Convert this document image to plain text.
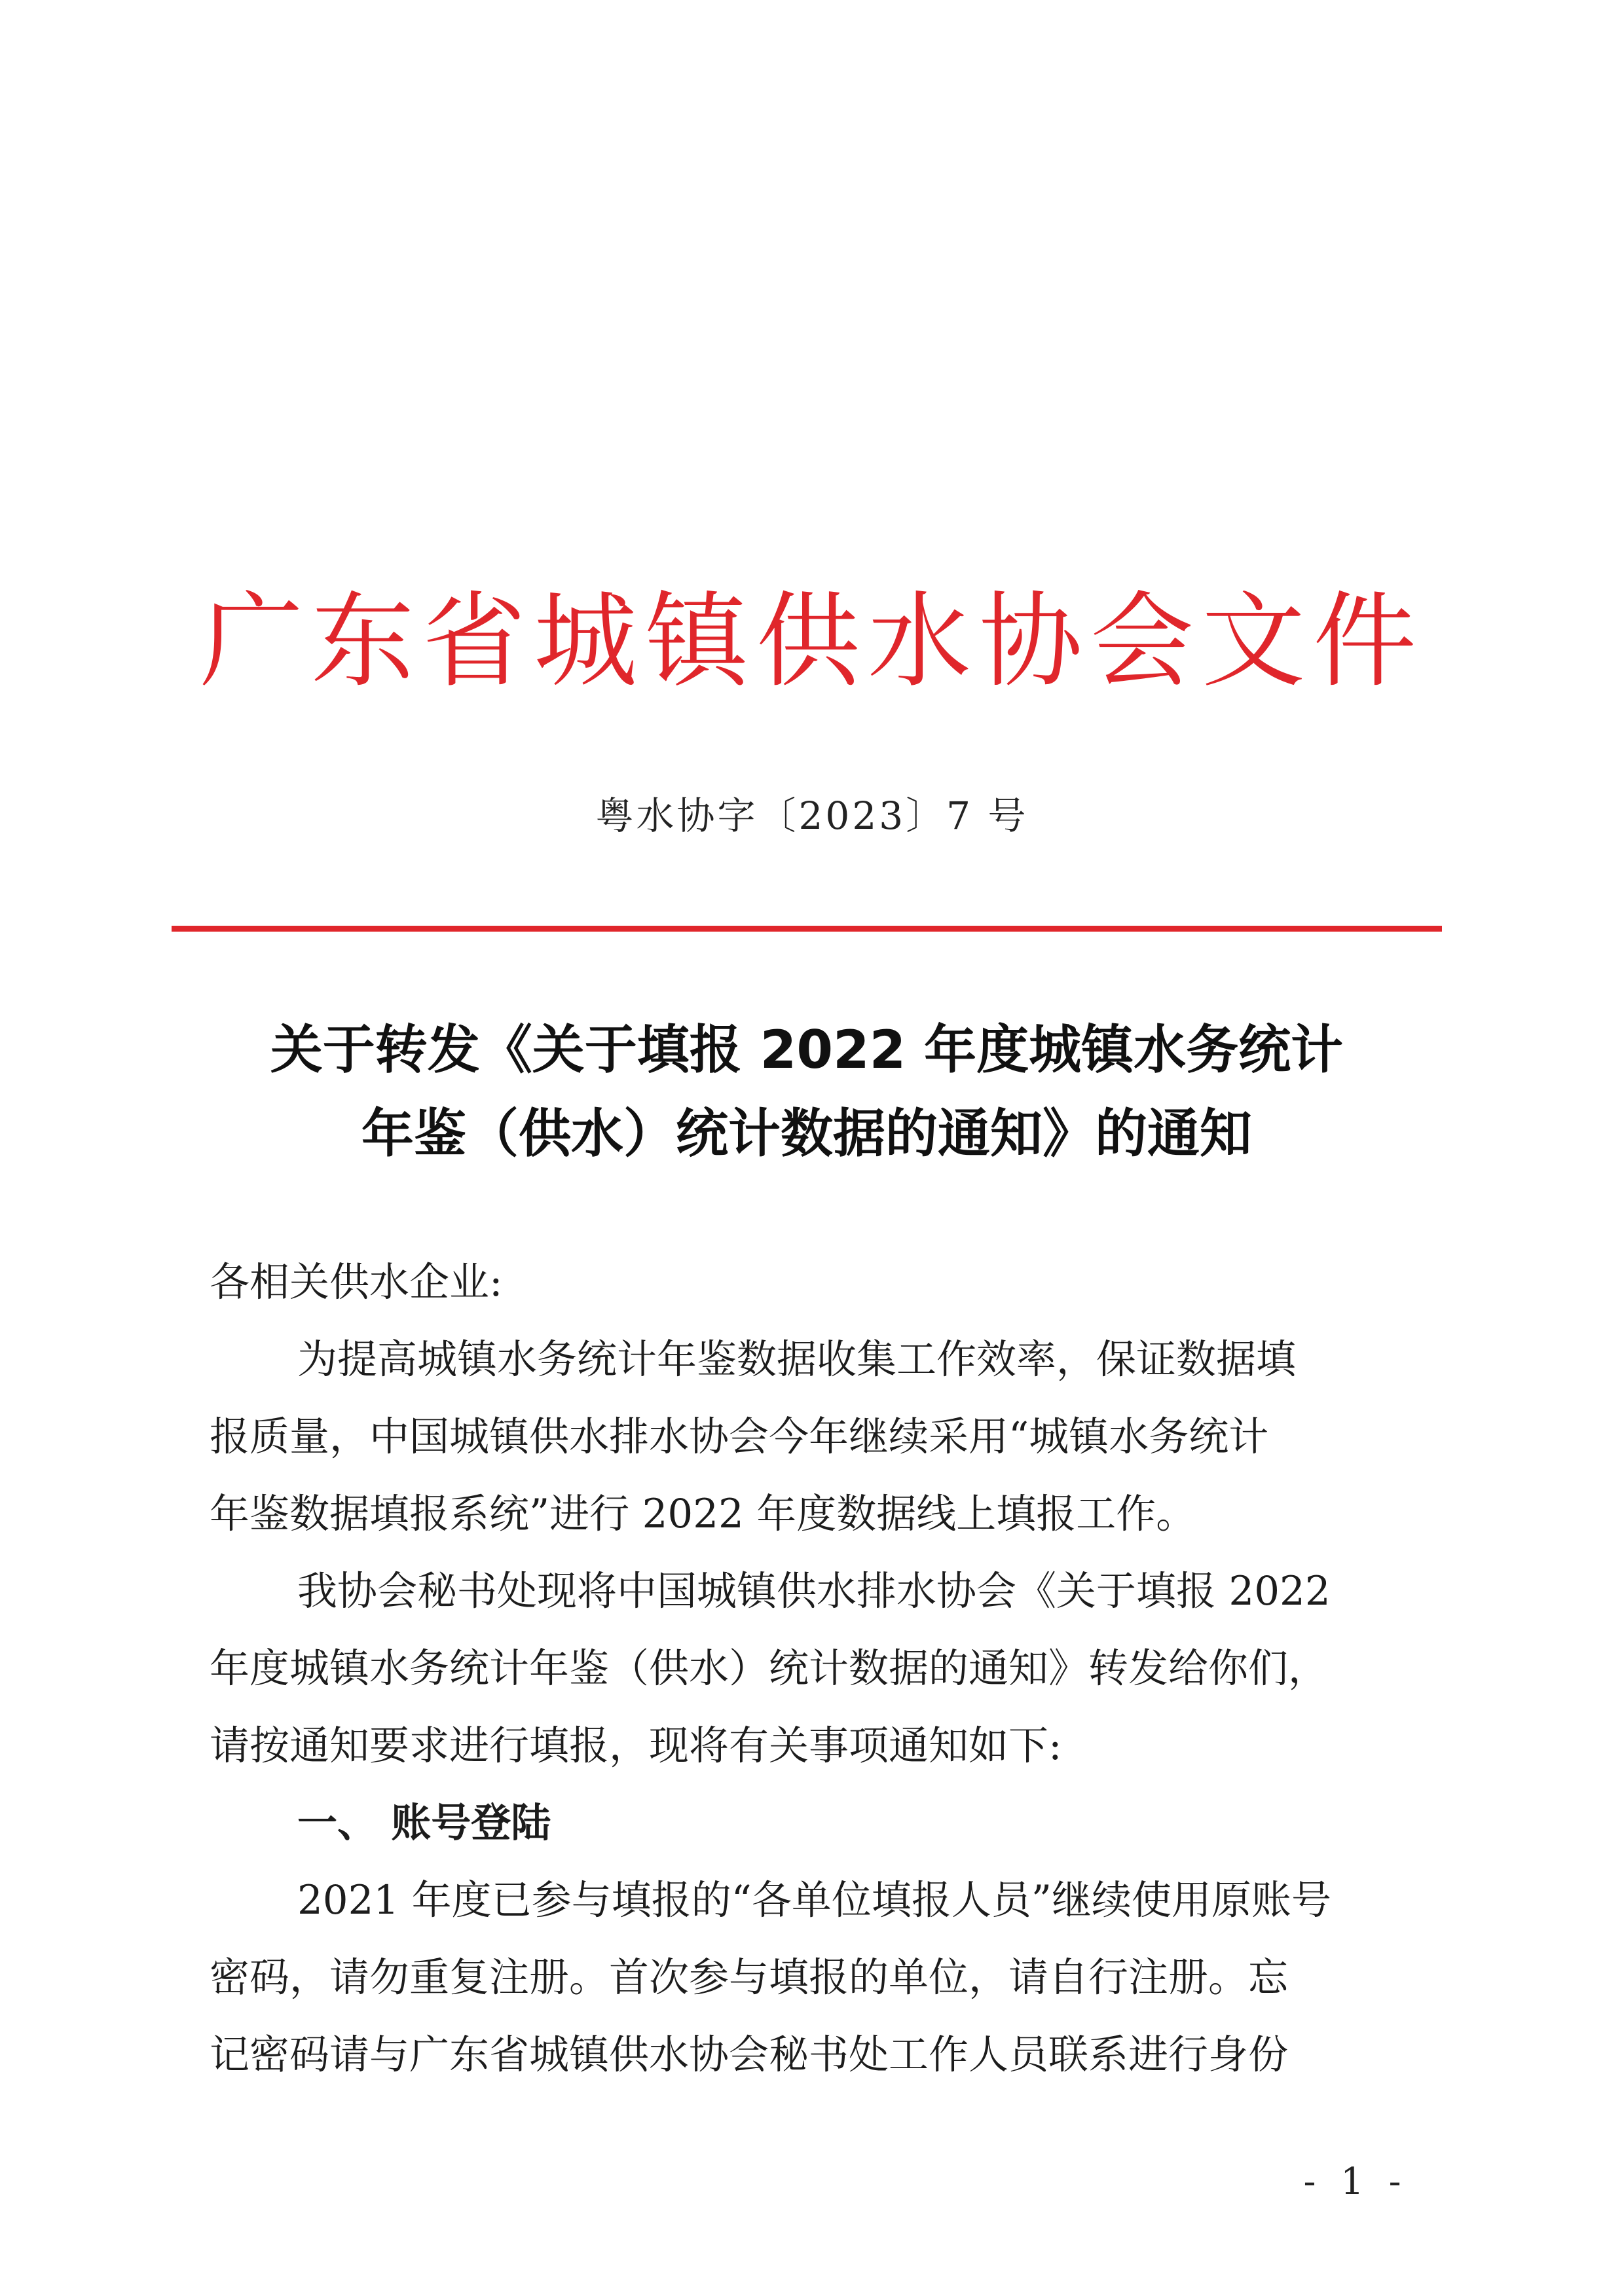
广东省城镇供水协会文件
粤水协字〔2023〕7 号
关于转发《关于填报 2022 年度城镇水务统计
年鉴（供水）统计数据的通知》的通知
各相关供水企业:
为提高城镇水务统计年鉴数据收集工作效率，保证数据填
报质量，中国城镇供水排水协会今年继续采用“城镇水务统计
年鉴数据填报系统”进行 2022 年度数据线上填报工作。
我协会秘书处现将中国城镇供水排水协会《关于填报 2022
年度城镇水务统计年鉴（供水）统计数据的通知》转发给你们，
请按通知要求进行填报，现将有关事项通知如下:
一、 账号登陆
2021 年度已参与填报的“各单位填报人员”继续使用原账号
密码，请勿重复注册。首次参与填报的单位，请自行注册。忘
记密码请与广东省城镇供水协会秘书处工作人员联系进行身份
- 1 -
